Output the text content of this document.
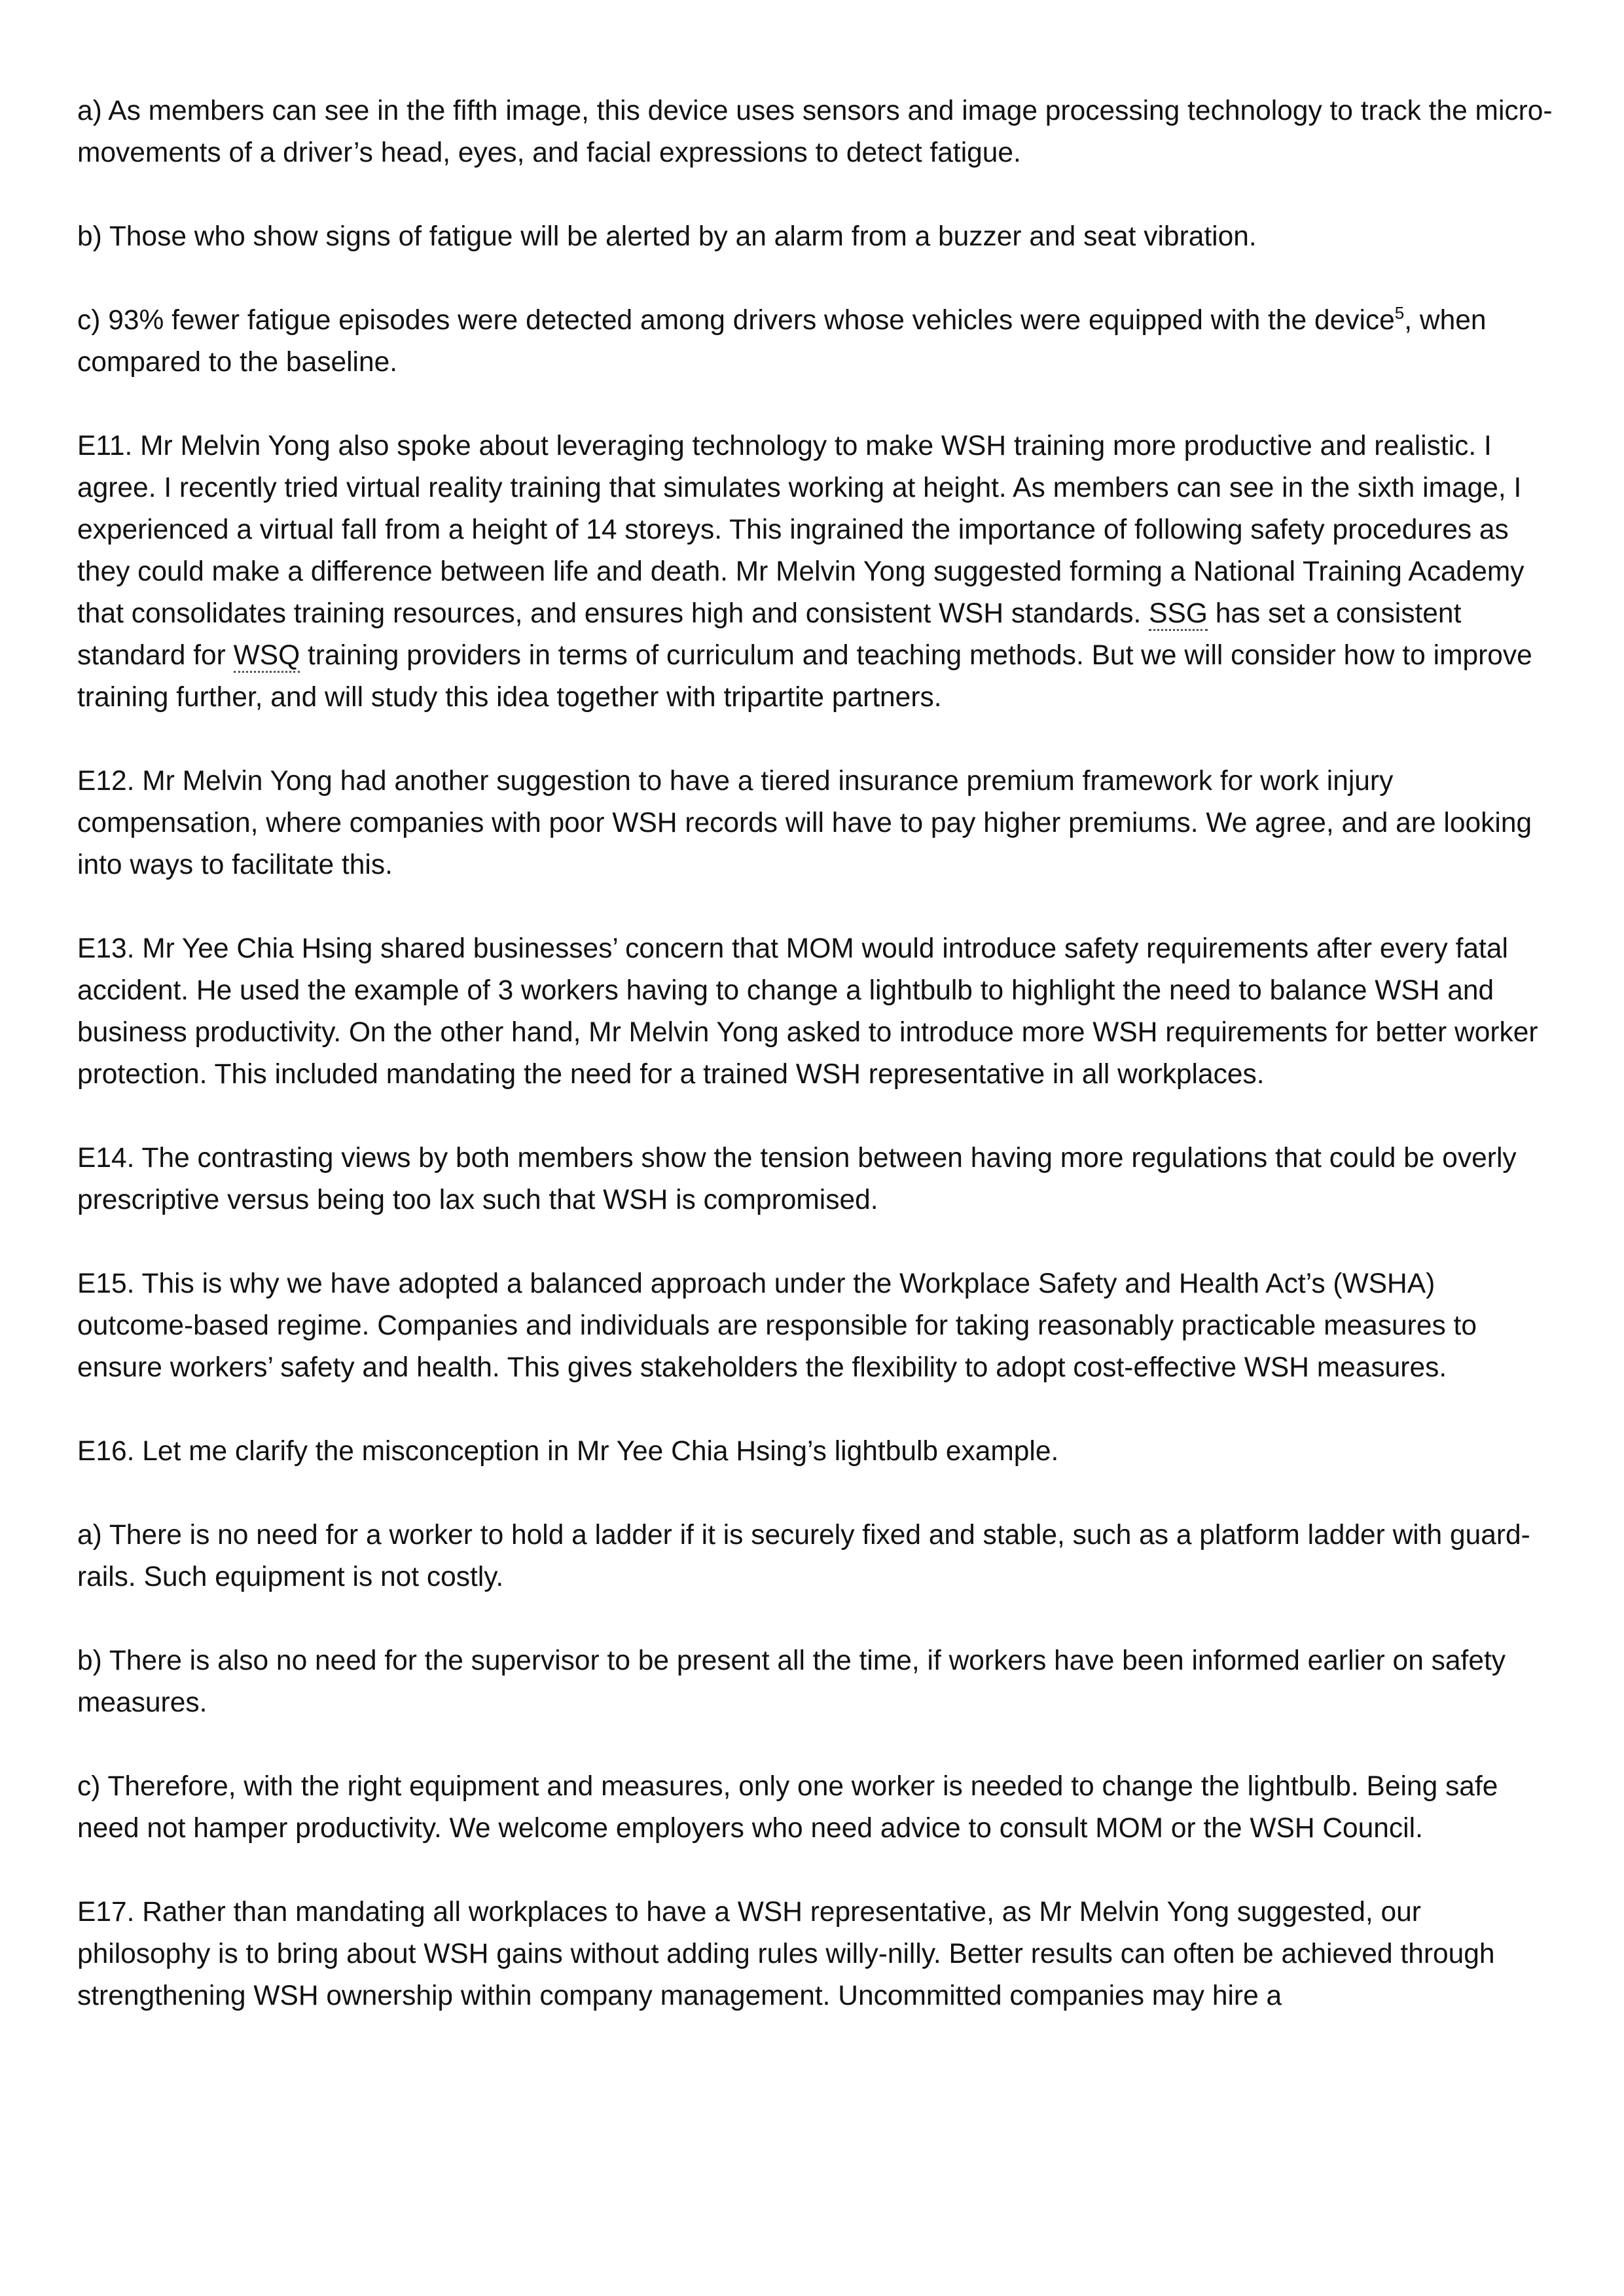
a) As members can see in the fifth image, this device uses sensors and image processing technology to track the micro-movements of a driver’s head, eyes, and facial expressions to detect fatigue.

b) Those who show signs of fatigue will be alerted by an alarm from a buzzer and seat vibration.

c) 93% fewer fatigue episodes were detected among drivers whose vehicles were equipped with the device$^5$, when compared to the baseline.

E11. Mr Melvin Yong also spoke about leveraging technology to make WSH training more productive and realistic. I agree. I recently tried virtual reality training that simulates working at height. As members can see in the sixth image, I experienced a virtual fall from a height of 14 storeys. This ingrained the importance of following safety procedures as they could make a difference between life and death. Mr Melvin Yong suggested forming a National Training Academy that consolidates training resources, and ensures high and consistent WSH standards. SSG has set a consistent standard for WSQ training providers in terms of curriculum and teaching methods. But we will consider how to improve training further, and will study this idea together with tripartite partners.

E12. Mr Melvin Yong had another suggestion to have a tiered insurance premium framework for work injury compensation, where companies with poor WSH records will have to pay higher premiums. We agree, and are looking into ways to facilitate this.

E13. Mr Yee Chia Hsing shared businesses’ concern that MOM would introduce safety requirements after every fatal accident. He used the example of 3 workers having to change a lightbulb to highlight the need to balance WSH and business productivity. On the other hand, Mr Melvin Yong asked to introduce more WSH requirements for better worker protection. This included mandating the need for a trained WSH representative in all workplaces.

E14. The contrasting views by both members show the tension between having more regulations that could be overly prescriptive versus being too lax such that WSH is compromised.

E15. This is why we have adopted a balanced approach under the Workplace Safety and Health Act’s (WSHA) outcome-based regime. Companies and individuals are responsible for taking reasonably practicable measures to ensure workers’ safety and health. This gives stakeholders the flexibility to adopt cost-effective WSH measures.

E16. Let me clarify the misconception in Mr Yee Chia Hsing’s lightbulb example.

a) There is no need for a worker to hold a ladder if it is securely fixed and stable, such as a platform ladder with guard-rails. Such equipment is not costly.

b) There is also no need for the supervisor to be present all the time, if workers have been informed earlier on safety measures.

c) Therefore, with the right equipment and measures, only one worker is needed to change the lightbulb. Being safe need not hamper productivity. We welcome employers who need advice to consult MOM or the WSH Council.

E17. Rather than mandating all workplaces to have a WSH representative, as Mr Melvin Yong suggested, our philosophy is to bring about WSH gains without adding rules willy-nilly. Better results can often be achieved through strengthening WSH ownership within company management. Uncommitted companies may hire a
